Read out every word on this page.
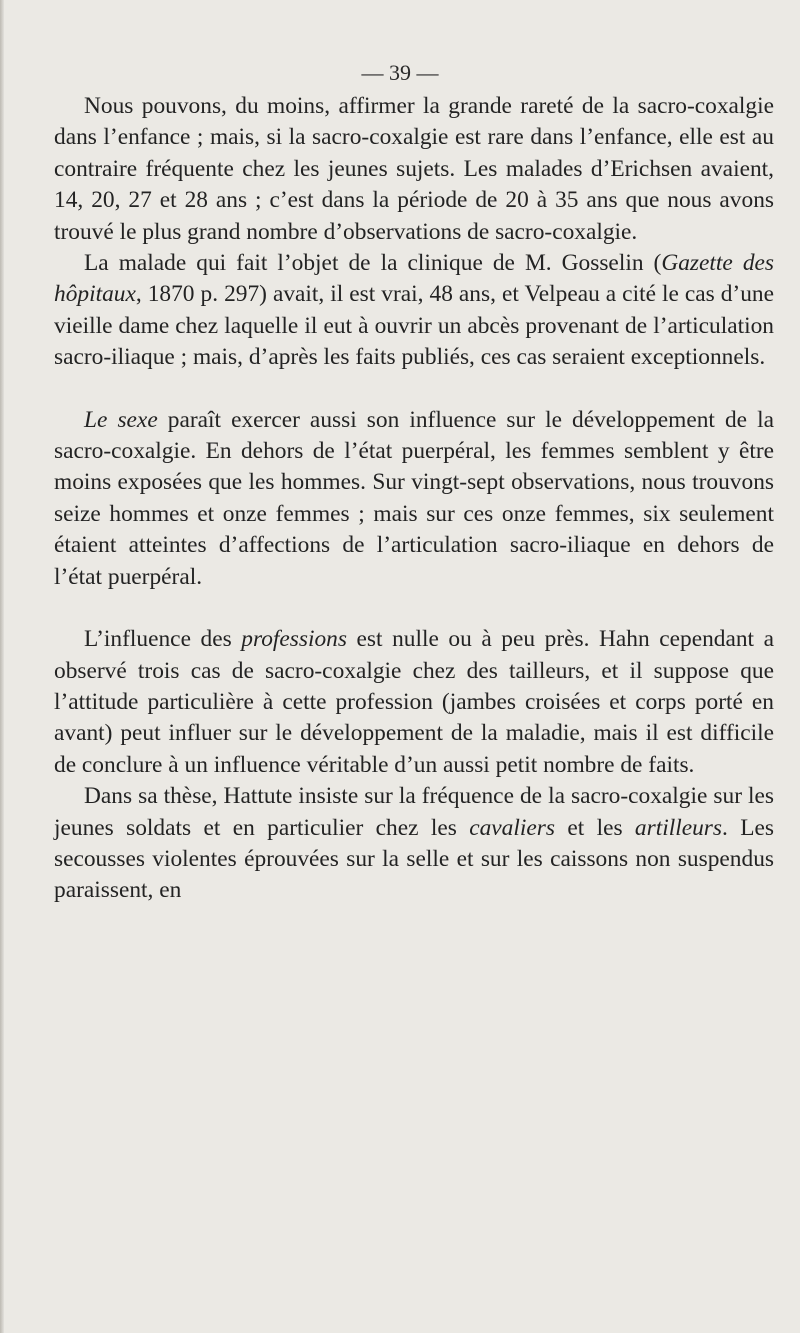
— 39 —

Nous pouvons, du moins, affirmer la grande rareté de la sacro-coxalgie dans l’enfance ; mais, si la sacro-coxalgie est rare dans l’enfance, elle est au contraire fréquente chez les jeunes sujets. Les malades d’Erichsen avaient, 14, 20, 27 et 28 ans ; c’est dans la période de 20 à 35 ans que nous avons trouvé le plus grand nombre d’observations de sacro-coxalgie.

La malade qui fait l’objet de la clinique de M. Gosselin (Gazette des hôpitaux, 1870 p. 297) avait, il est vrai, 48 ans, et Velpeau a cité le cas d’une vieille dame chez laquelle il eut à ouvrir un abcès provenant de l’articulation sacro-iliaque ; mais, d’après les faits publiés, ces cas seraient exceptionnels.

Le sexe paraît exercer aussi son influence sur le développement de la sacro-coxalgie. En dehors de l’état puerpéral, les femmes semblent y être moins exposées que les hommes. Sur vingt-sept observations, nous trouvons seize hommes et onze femmes ; mais sur ces onze femmes, six seulement étaient atteintes d’affections de l’articulation sacro-iliaque en dehors de l’état puerpéral.

L’influence des professions est nulle ou à peu près. Hahn cependant a observé trois cas de sacro-coxalgie chez des tailleurs, et il suppose que l’attitude particulière à cette profession (jambes croisées et corps porté en avant) peut influer sur le développement de la maladie, mais il est difficile de conclure à un influence véritable d’un aussi petit nombre de faits.

Dans sa thèse, Hattute insiste sur la fréquence de la sacro-coxalgie sur les jeunes soldats et en particulier chez les cavaliers et les artilleurs. Les secousses violentes éprouvées sur la selle et sur les caissons non suspendus paraissent, en
